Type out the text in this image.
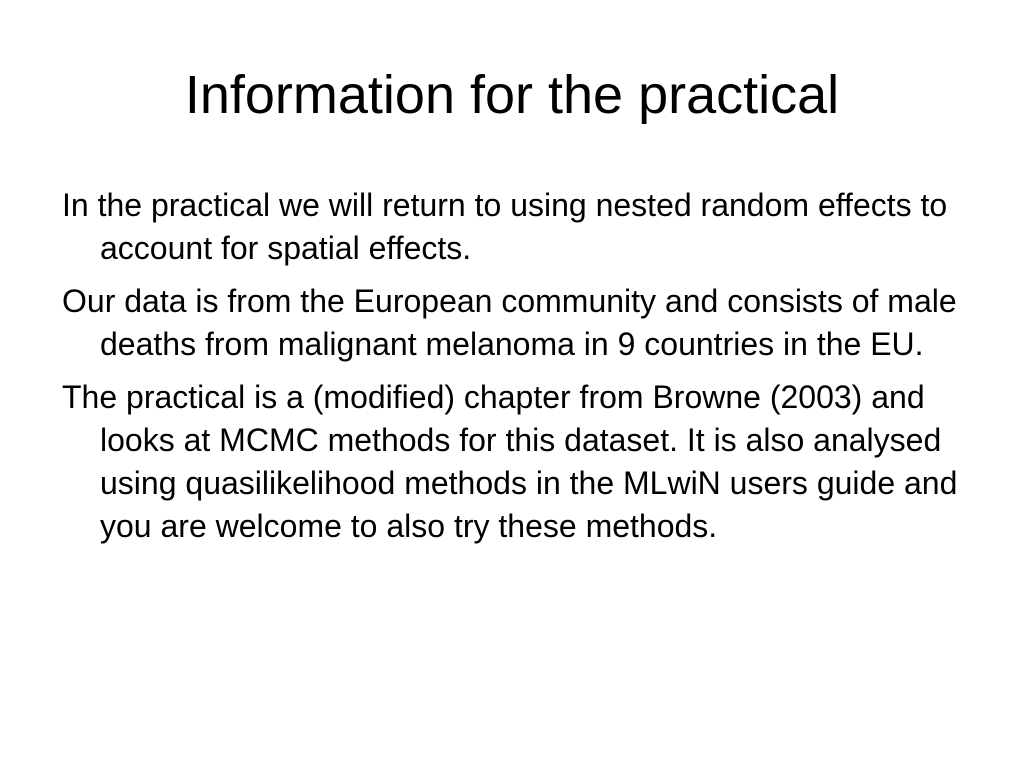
Information for the practical
In the practical we will return to using nested random effects to account for spatial effects.
Our data is from the European community and consists of male deaths from malignant melanoma in 9 countries in the EU.
The practical is a (modified) chapter from Browne (2003) and looks at MCMC methods for this dataset. It is also analysed using quasilikelihood methods in the MLwiN users guide and you are welcome to also try these methods.
